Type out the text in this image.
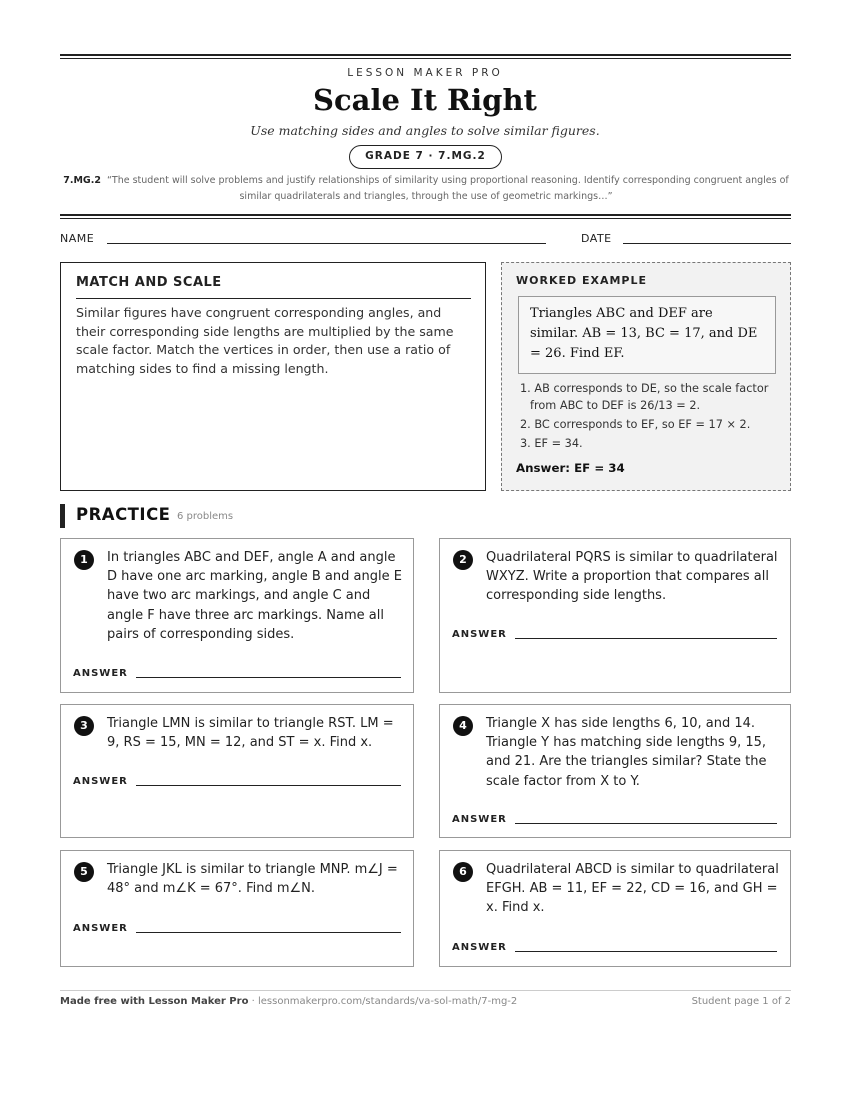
LESSON MAKER PRO
Scale It Right
Use matching sides and angles to solve similar figures.
GRADE 7 · 7.MG.2
7.MG.2 “The student will solve problems and justify relationships of similarity using proportional reasoning. Identify corresponding congruent angles of similar quadrilaterals and triangles, through the use of geometric markings…”
NAME	DATE
MATCH AND SCALE
Similar figures have congruent corresponding angles, and their corresponding side lengths are multiplied by the same scale factor. Match the vertices in order, then use a ratio of matching sides to find a missing length.
WORKED EXAMPLE
Triangles ABC and DEF are similar. AB = 13, BC = 17, and DE = 26. Find EF.
1. AB corresponds to DE, so the scale factor from ABC to DEF is 26/13 = 2.
2. BC corresponds to EF, so EF = 17 × 2.
3. EF = 34.
Answer: EF = 34
PRACTICE 6 problems
1	In triangles ABC and DEF, angle A and angle D have one arc marking, angle B and angle E have two arc markings, and angle C and angle F have three arc markings. Name all pairs of corresponding sides.
ANSWER
2	Quadrilateral PQRS is similar to quadrilateral WXYZ. Write a proportion that compares all corresponding side lengths.
ANSWER
3	Triangle LMN is similar to triangle RST. LM = 9, RS = 15, MN = 12, and ST = x. Find x.
ANSWER
4	Triangle X has side lengths 6, 10, and 14. Triangle Y has matching side lengths 9, 15, and 21. Are the triangles similar? State the scale factor from X to Y.
ANSWER
5	Triangle JKL is similar to triangle MNP. m∠J = 48° and m∠K = 67°. Find m∠N.
ANSWER
6	Quadrilateral ABCD is similar to quadrilateral EFGH. AB = 11, EF = 22, CD = 16, and GH = x. Find x.
ANSWER
Made free with Lesson Maker Pro · lessonmakerpro.com/standards/va-sol-math/7-mg-2	Student page 1 of 2
